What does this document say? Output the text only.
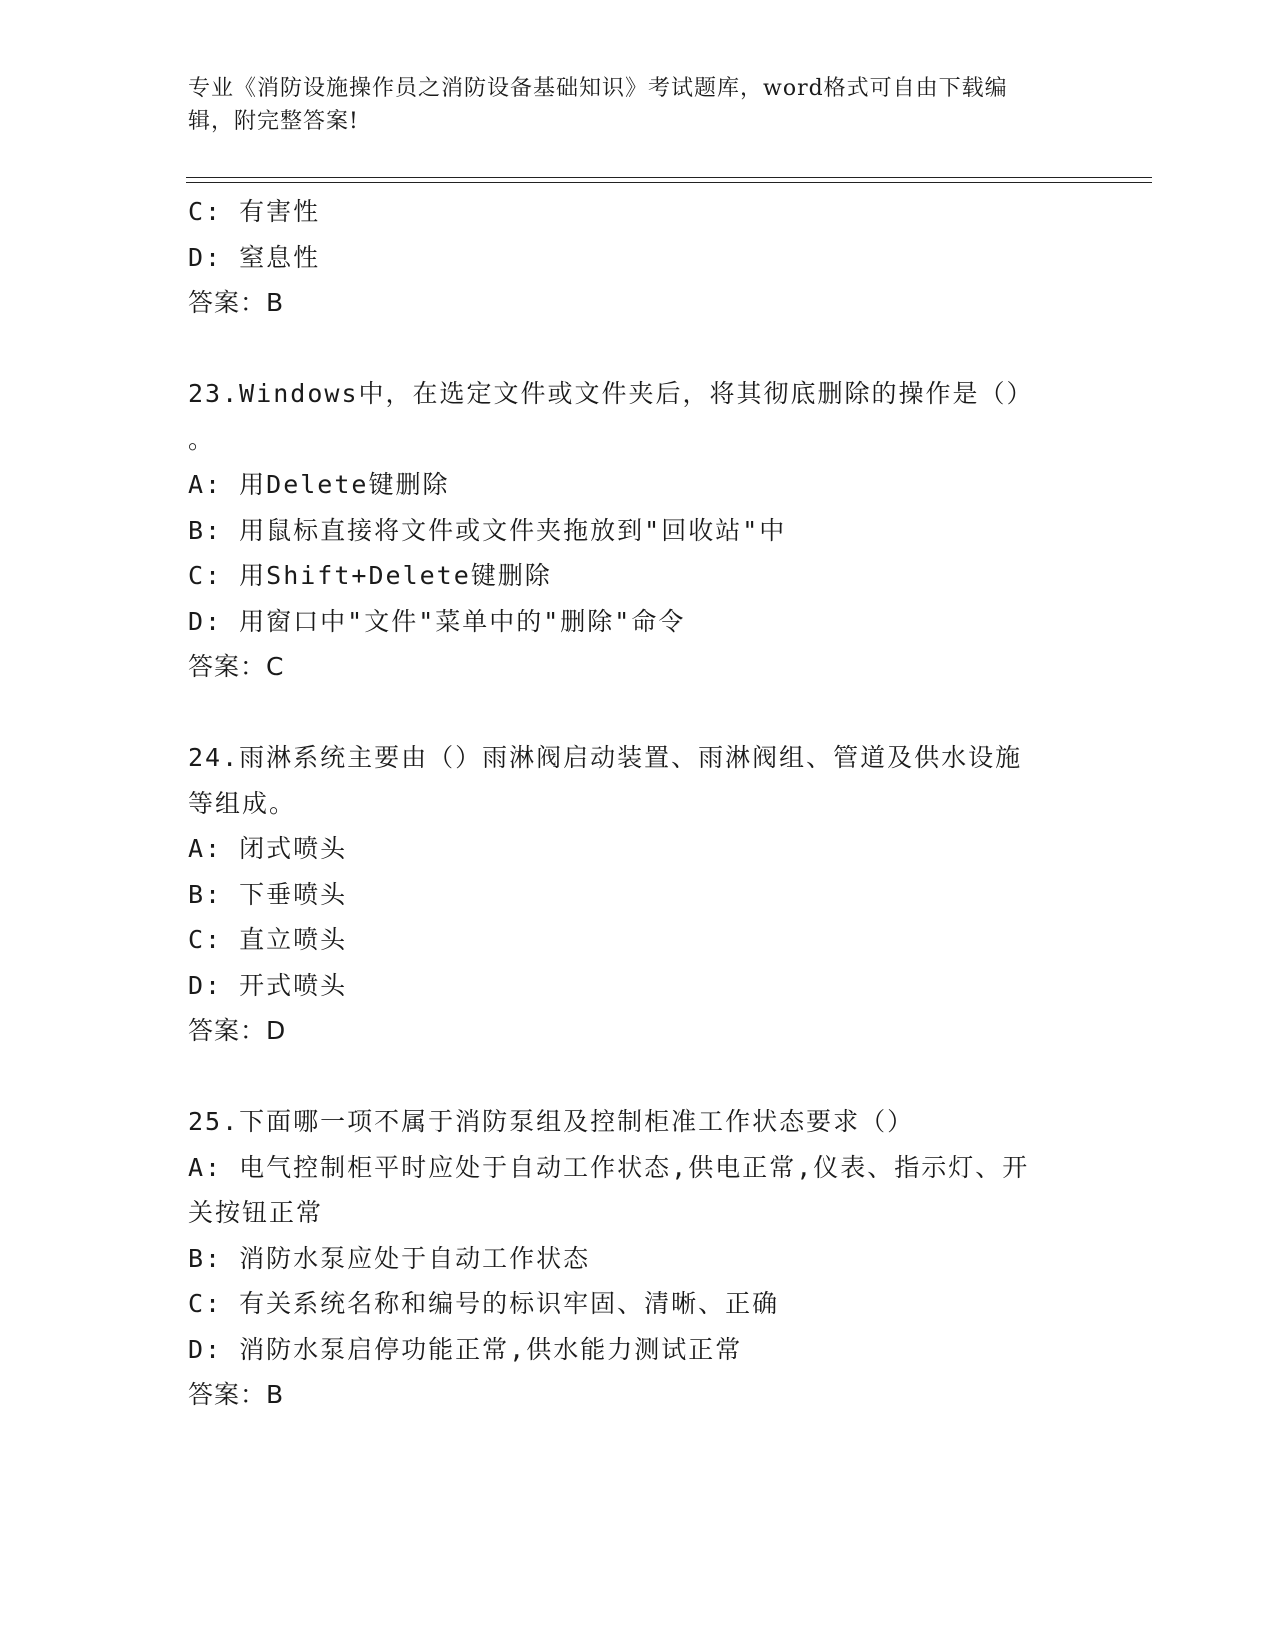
专业《消防设施操作员之消防设备基础知识》考试题库，word格式可自由下载编
辑，附完整答案!
C: 有害性
D: 窒息性
答案：B
23.Windows中，在选定文件或文件夹后，将其彻底删除的操作是（）
。
A: 用Delete键删除
B: 用鼠标直接将文件或文件夹拖放到"回收站"中
C: 用Shift+Delete键删除
D: 用窗口中"文件"菜单中的"删除"命令
答案：C
24.雨淋系统主要由（）雨淋阀启动装置、雨淋阀组、管道及供水设施
等组成。
A: 闭式喷头
B: 下垂喷头
C: 直立喷头
D: 开式喷头
答案：D
25.下面哪一项不属于消防泵组及控制柜准工作状态要求（）
A: 电气控制柜平时应处于自动工作状态,供电正常,仪表、指示灯、开
关按钮正常
B: 消防水泵应处于自动工作状态
C: 有关系统名称和编号的标识牢固、清晰、正确
D: 消防水泵启停功能正常,供水能力测试正常
答案：B
